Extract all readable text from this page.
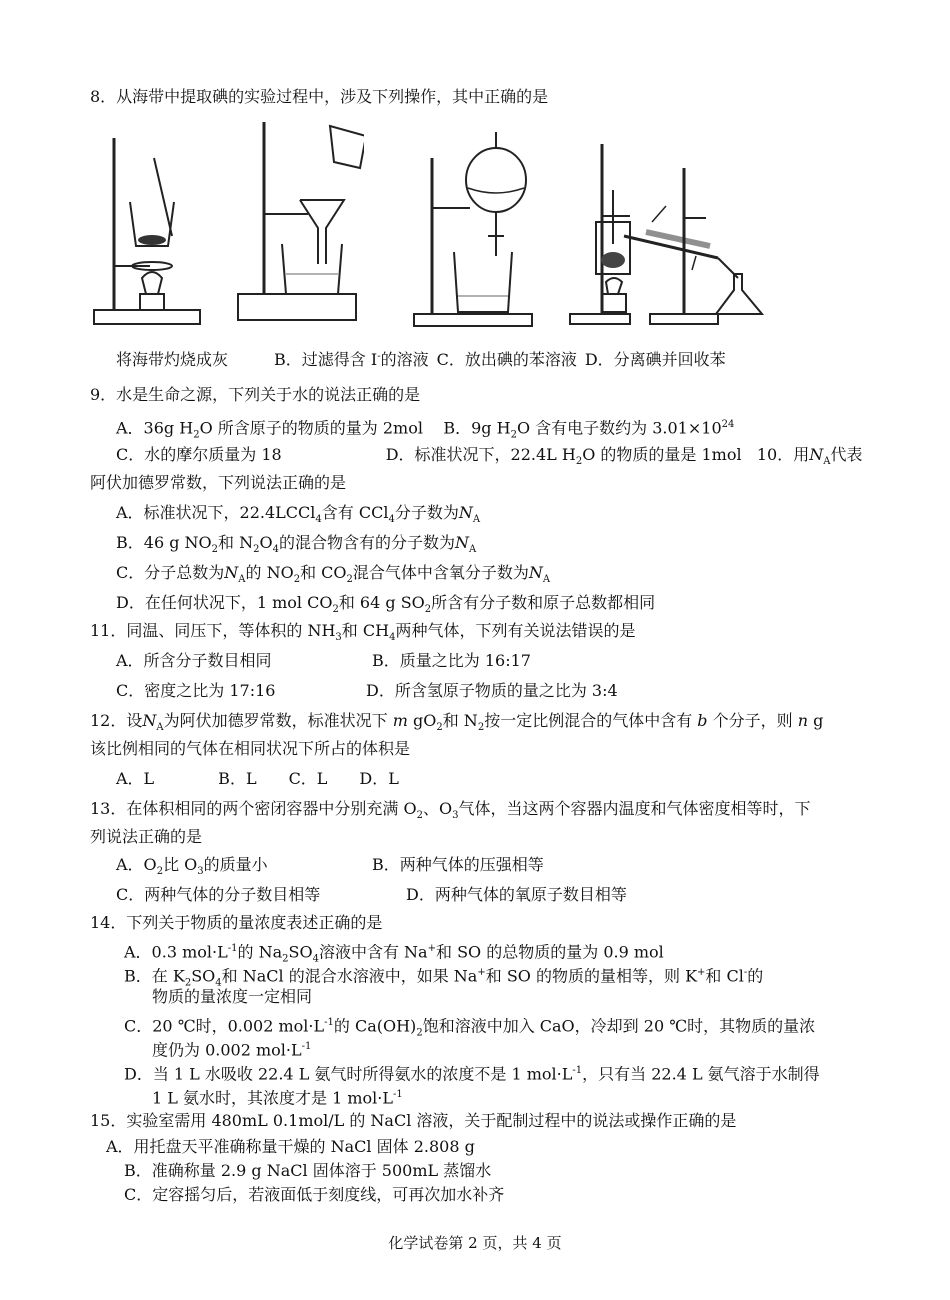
8．从海带中提取碘的实验过程中，涉及下列操作，其中正确的是
将海带灼烧成灰	B．过滤得含 I-的溶液 C．放出碘的苯溶液 D．分离碘并回收苯
9．水是生命之源，下列关于水的说法正确的是
A．36g $H_2O$ 所含原子的物质的量为 2mol B．9g $H_2O$ 含有电子数约为 $3.01\times 10^{24}$
C．水的摩尔质量为 18	D．标准状况下，22.4L $H_2O$ 的物质的量是 1mol 10．用$N_A$代表
阿伏加德罗常数，下列说法正确的是
A．标准状况下，22.4LCCl$_4$含有 CCl$_4$分子数为$N_A$
B．46 g $NO_2$和 $N_2O_4$的混合物含有的分子数为$N_A$
C．分子总数为$N_A$的 $NO_2$和 $CO_2$混合气体中含氧分子数为$N_A$
D．在任何状况下，1 mol $CO_2$和 64 g $SO_2$所含有分子数和原子总数都相同
11．同温、同压下，等体积的 $NH_3$和 $CH_4$两种气体，下列有关说法错误的是
A．所含分子数目相同	B．质量之比为 16:17
C．密度之比为 17:16	D．所含氢原子物质的量之比为 3:4
12．设$N_A$为阿伏加德罗常数，标准状况下 m $gO_2$和 $N_2$按一定比例混合的气体中含有 b 个分子，则 n g
该比例相同的气体在相同状况下所占的体积是
A．L　　　　B．L　　C．L　　D．L
13．在体积相同的两个密闭容器中分别充满 $O_2$、$O_3$气体，当这两个容器内温度和气体密度相等时，下
列说法正确的是
A．$O_2$比 $O_3$的质量小	B．两种气体的压强相等
C．两种气体的分子数目相等	D．两种气体的氧原子数目相等
14．下列关于物质的量浓度表述正确的是
A．0.3 $mol\cdot L^{-1}$的 $Na_2SO_4$溶液中含有 Na+和 SO 的总物质的量为 0.9 mol
B．在 $K_2SO_4$和 NaCl 的混合水溶液中，如果 Na+和 SO 的物质的量相等，则 K+和 Cl-的
物质的量浓度一定相同
C．20 ℃时，0.002 $mol\cdot L^{-1}$的 $Ca(OH)_2$饱和溶液中加入 CaO，冷却到 20 ℃时，其物质的量浓
度仍为 0.002 $mol\cdot L^{-1}$
D．当 1 L 水吸收 22.4 L 氨气时所得氨水的浓度不是 1 $mol\cdot L^{-1}$，只有当 22.4 L 氨气溶于水制得
1 L 氨水时，其浓度才是 1 $mol\cdot L^{-1}$
15．实验室需用 480mL 0.1mol/L 的 NaCl 溶液，关于配制过程中的说法或操作正确的是
A．用托盘天平准确称量干燥的 NaCl 固体 2.808 g
B．准确称量 2.9 g NaCl 固体溶于 500mL 蒸馏水
C．定容摇匀后，若液面低于刻度线，可再次加水补齐
化学试卷第 2 页，共 4 页
